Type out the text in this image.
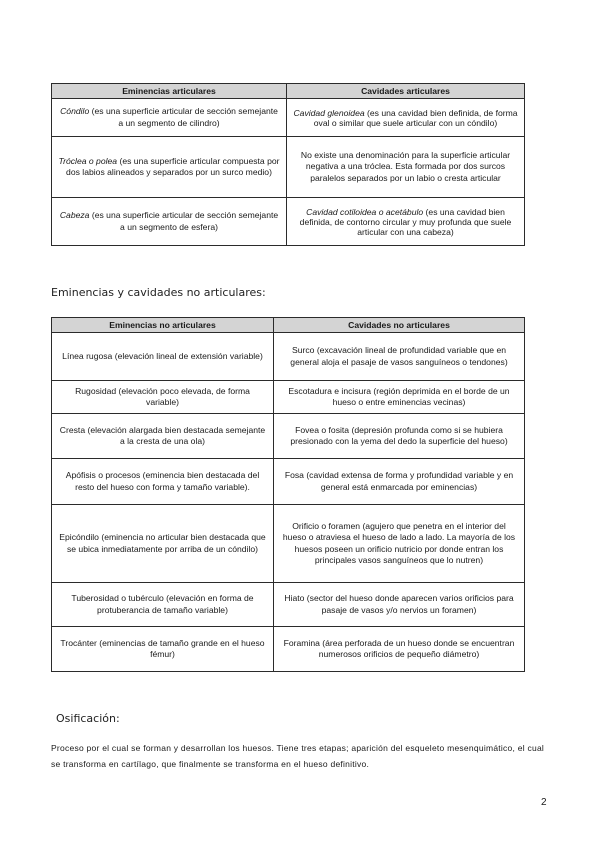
Eminencias articulares	Cavidades articulares
Cóndilo (es una superficie articular de sección semejante a un segmento de cilindro)	Cavidad glenoidea (es una cavidad bien definida, de forma oval o similar que suele articular con un cóndilo)
Tróclea o polea (es una superficie articular compuesta por dos labios alineados y separados por un surco medio)	No existe una denominación para la superficie articular negativa a una tróclea. Esta formada por dos surcos paralelos separados por un labio o cresta articular
Cabeza (es una superficie articular de sección semejante a un segmento de esfera)	Cavidad cotiloidea o acetábulo (es una cavidad bien definida, de contorno circular y muy profunda que suele articular con una cabeza)
Eminencias y cavidades no articulares:
Eminencias no articulares	Cavidades no articulares
Línea rugosa (elevación lineal de extensión variable)	Surco (excavación lineal de profundidad variable que en general aloja el pasaje de vasos sanguíneos o tendones)
Rugosidad (elevación poco elevada, de forma variable)	Escotadura e incisura (región deprimida en el borde de un hueso o entre eminencias vecinas)
Cresta (elevación alargada bien destacada semejante a la cresta de una ola)	Fovea o fosita (depresión profunda como si se hubiera presionado con la yema del dedo la superficie del hueso)
Apófisis o procesos (eminencia bien destacada del resto del hueso con forma y tamaño variable).	Fosa (cavidad extensa de forma y profundidad variable y en general está enmarcada por eminencias)
Epicóndilo (eminencia no articular bien destacada que se ubica inmediatamente por arriba de un cóndilo)	Orificio o foramen (agujero que penetra en el interior del hueso o atraviesa el hueso de lado a lado. La mayoría de los huesos poseen un orificio nutricio por donde entran los principales vasos sanguíneos que lo nutren)
Tuberosidad o tubérculo (elevación en forma de protuberancia de tamaño variable)	Hiato (sector del hueso donde aparecen varios orificios para pasaje de vasos y/o nervios un foramen)
Trocánter (eminencias de tamaño grande en el hueso fémur)	Foramina (área perforada de un hueso donde se encuentran numerosos orificios de pequeño diámetro)
Osificación:
Proceso por el cual se forman y desarrollan los huesos. Tiene tres etapas; aparición del esqueleto mesenquimático, el cual se transforma en cartílago, que finalmente se transforma en el hueso definitivo.
2
